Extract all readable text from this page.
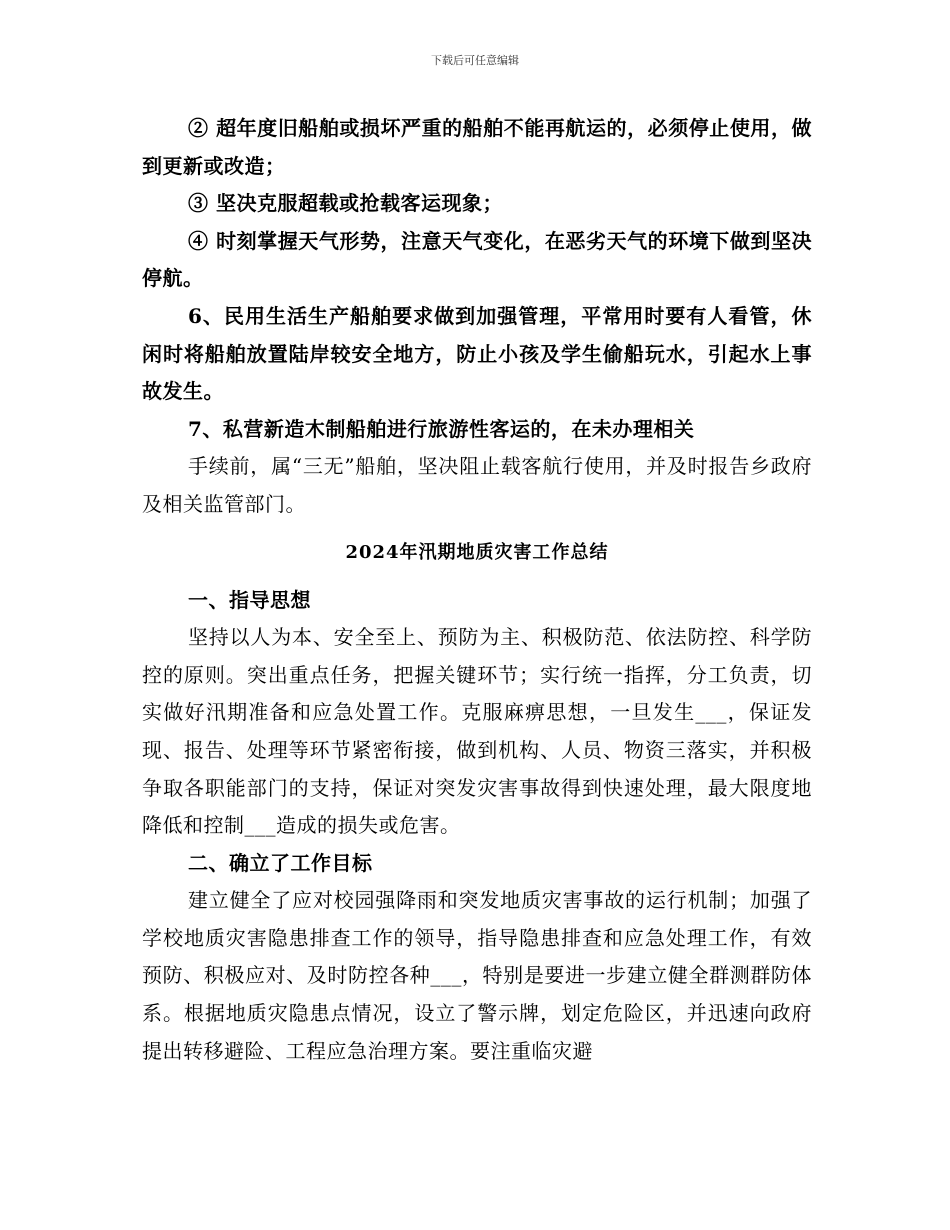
下载后可任意编辑

② 超年度旧船舶或损坏严重的船舶不能再航运的，必须停止使用，做到更新或改造；

③ 坚决克服超载或抢载客运现象；

④ 时刻掌握天气形势，注意天气变化，在恶劣天气的环境下做到坚决停航。

6、民用生活生产船舶要求做到加强管理，平常用时要有人看管，休闲时将船舶放置陆岸较安全地方，防止小孩及学生偷船玩水，引起水上事故发生。

7、私营新造木制船舶进行旅游性客运的，在未办理相关

手续前，属“三无”船舶，坚决阻止载客航行使用，并及时报告乡政府及相关监管部门。

2024年汛期地质灾害工作总结

一、指导思想

坚持以人为本、安全至上、预防为主、积极防范、依法防控、科学防控的原则。突出重点任务，把握关键环节；实行统一指挥，分工负责，切实做好汛期准备和应急处置工作。克服麻痹思想，一旦发生___，保证发现、报告、处理等环节紧密衔接，做到机构、人员、物资三落实，并积极争取各职能部门的支持，保证对突发灾害事故得到快速处理，最大限度地降低和控制___造成的损失或危害。

二、确立了工作目标

建立健全了应对校园强降雨和突发地质灾害事故的运行机制；加强了学校地质灾害隐患排查工作的领导，指导隐患排查和应急处理工作，有效预防、积极应对、及时防控各种___，特别是要进一步建立健全群测群防体系。根据地质灾隐患点情况，设立了警示牌，划定危险区，并迅速向政府提出转移避险、工程应急治理方案。要注重临灾避
